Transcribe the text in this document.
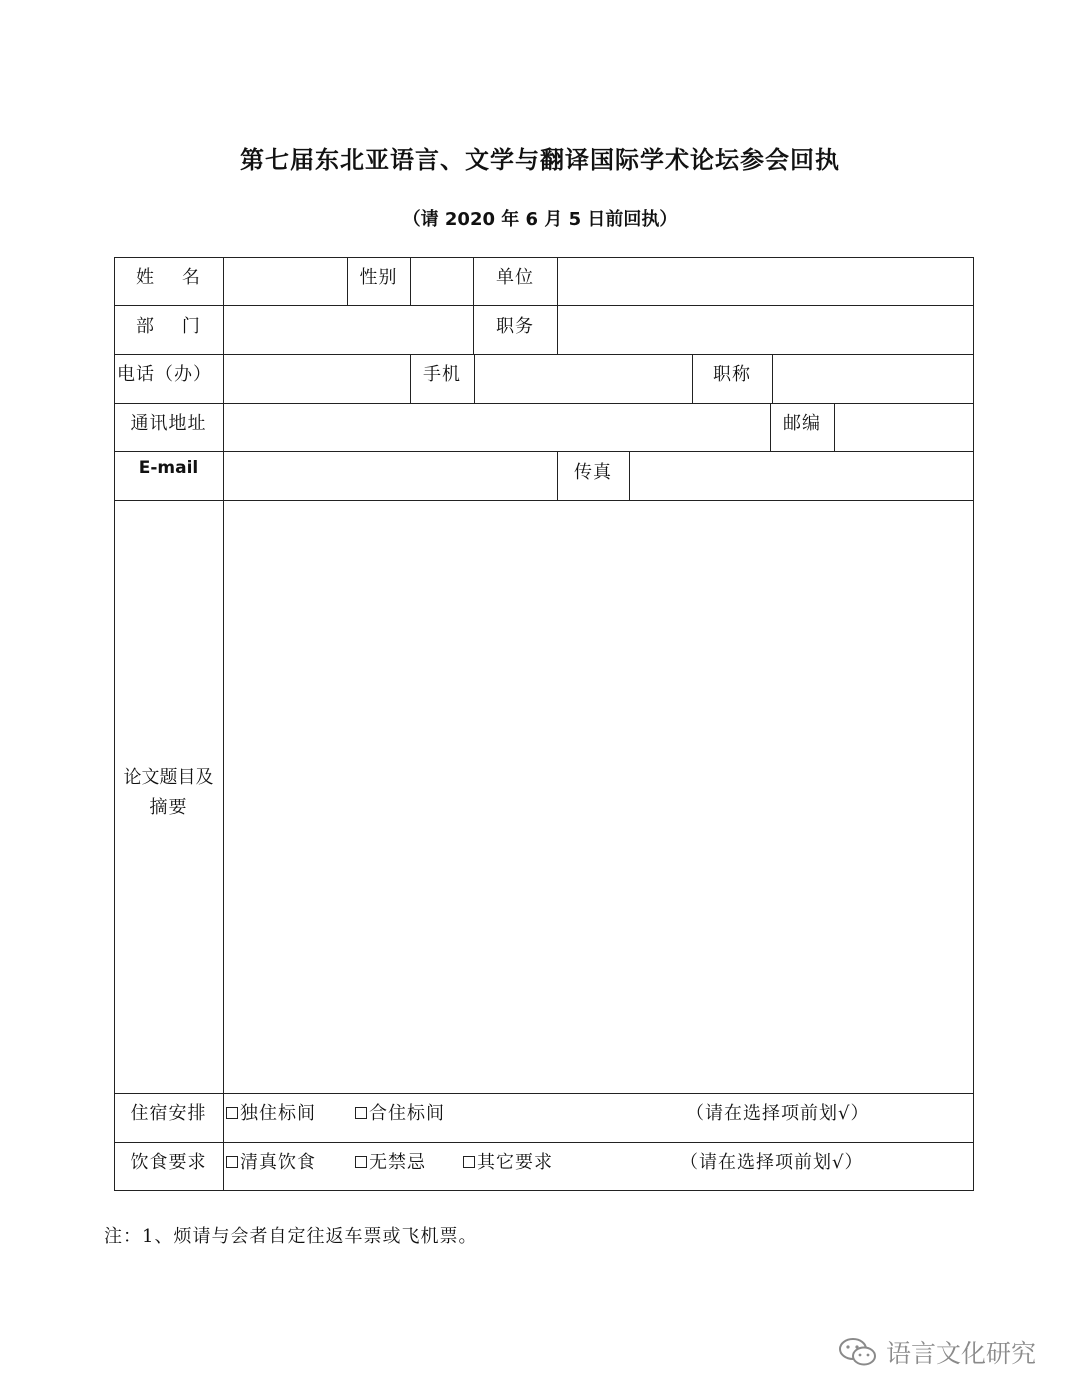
第七届东北亚语言、文学与翻译国际学术论坛参会回执
（请 2020 年 6 月 5 日前回执）
姓    名	性别	单位
部    门	职务
电话（办）	手机	职称
通讯地址	邮编
E-mail	传真
论文题目及
摘要
住宿安排	独住标间	合住标间	（请在选择项前划√）
饮食要求	清真饮食	无禁忌	其它要求	（请在选择项前划√）
注：1、烦请与会者自定往返车票或飞机票。
语言文化研究
